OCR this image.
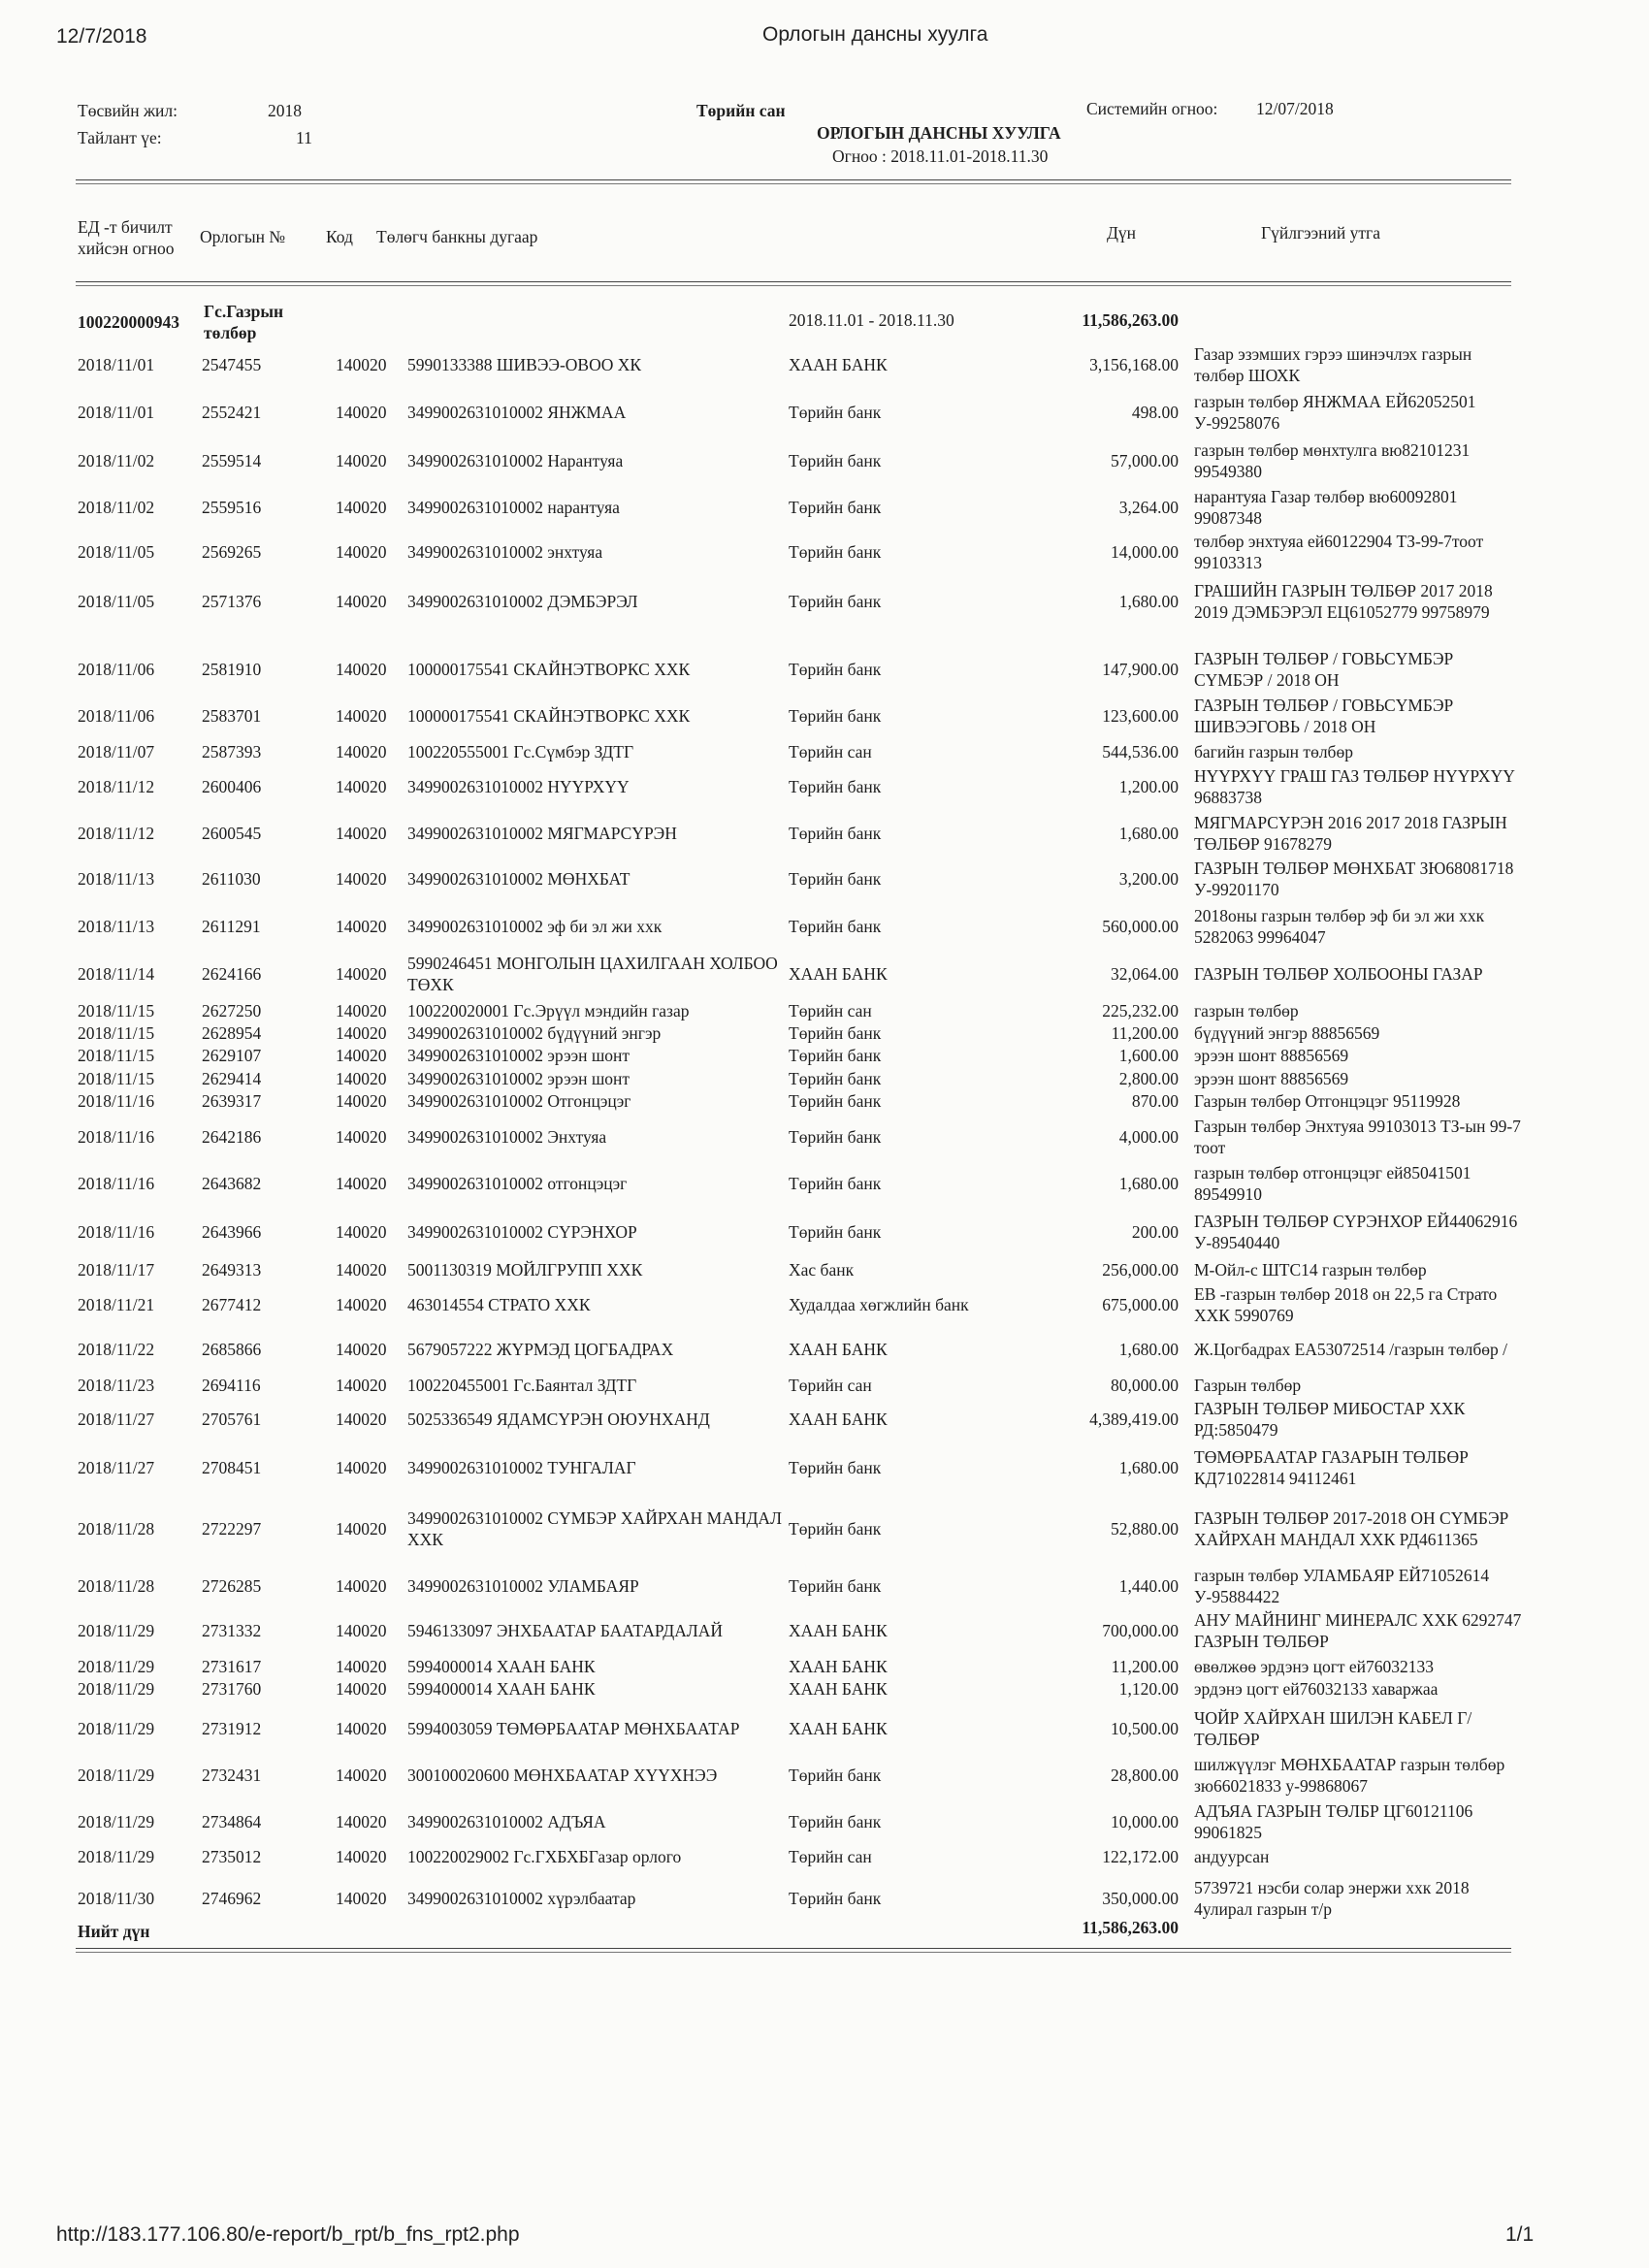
12/7/2018	Орлогын дансны хуулга
http://183.177.106.80/e-report/b_rpt/b_fns_rpt2.php	1/1
Төсвийн жил:	2018
Тайлант үе:	11
Төрийн сан
ОРЛОГЫН ДАНСНЫ ХУУЛГА
Огноо : 2018.11.01-2018.11.30
Системийн огноо: 12/07/2018
ЕД -т бичилт
хийсэн огноо
Орлогын № Код Төлөгч банкны дугаар	Дүн	Гүйлгээний утга
100220000943
Гс.Газрын төлбөр
2018.11.01 - 2018.11.30	11,586,263.00
2018/11/01	2547455	140020 5990133388 ШИВЭЭ-ОВОО ХК	ХААН БАНК	3,156,168.00
Газар эзэмших гэрээ шинэчлэх газрын төлбөр ШОХК
2018/11/01	2552421	140020 3499002631010002 ЯНЖМАА	Төрийн банк	498.00
газрын төлбөр ЯНЖМАА ЕЙ62052501 У-99258076
2018/11/02	2559514	140020 3499002631010002 Нарантуяа	Төрийн банк	57,000.00
газрын төлбөр мөнхтулга вю82101231 99549380
2018/11/02	2559516	140020 3499002631010002 нарантуяа	Төрийн банк	3,264.00
нарантуяа Газар төлбөр вю60092801 99087348
2018/11/05	2569265	140020 3499002631010002 энхтуяа	Төрийн банк	14,000.00
төлбөр энхтуяа ей60122904 ТЗ-99-7тоот 99103313
2018/11/05	2571376	140020 3499002631010002 ДЭМБЭРЭЛ	Төрийн банк	1,680.00
ГРАШИЙН ГАЗРЫН ТӨЛБӨР 2017 2018 2019 ДЭМБЭРЭЛ ЕЦ61052779 99758979
2018/11/06	2581910	140020 100000175541 СКАЙНЭТВОРКС ХХК	Төрийн банк	147,900.00
ГАЗРЫН ТӨЛБӨР / ГОВЬСҮМБЭР СҮМБЭР / 2018 ОН
2018/11/06	2583701	140020 100000175541 СКАЙНЭТВОРКС ХХК	Төрийн банк	123,600.00
ГАЗРЫН ТӨЛБӨР / ГОВЬСҮМБЭР ШИВЭЭГОВЬ / 2018 ОН
2018/11/07	2587393	140020 100220555001 Гс.Сүмбэр ЗДТГ	Төрийн сан	544,536.00 багийн газрын төлбөр
2018/11/12	2600406	140020 3499002631010002 НҮҮРХҮҮ	Төрийн банк	1,200.00
НҮҮРХҮҮ ГРАШ ГАЗ ТӨЛБӨР НҮҮРХҮҮ 96883738
2018/11/12	2600545	140020 3499002631010002 МЯГМАРСҮРЭН	Төрийн банк	1,680.00
МЯГМАРСҮРЭН 2016 2017 2018 ГАЗРЫН ТӨЛБӨР 91678279
2018/11/13	2611030	140020 3499002631010002 МӨНХБАТ	Төрийн банк	3,200.00
ГАЗРЫН ТӨЛБӨР МӨНХБАТ ЗЮ68081718 У-99201170
2018/11/13	2611291	140020 3499002631010002 эф би эл жи ххк	Төрийн банк	560,000.00
2018оны газрын төлбөр эф би эл жи ххк 5282063 99964047
2018/11/14	2624166	140020
5990246451 МОНГОЛЫН ЦАХИЛГААН ХОЛБОО ТӨХК
ХААН БАНК	32,064.00 ГАЗРЫН ТӨЛБӨР ХОЛБООНЫ ГАЗАР
2018/11/15	2627250	140020 100220020001 Гс.Эрүүл мэндийн газар	Төрийн сан	225,232.00 газрын төлбөр
2018/11/15	2628954	140020 3499002631010002 бүдүүний энгэр	Төрийн банк	11,200.00 бүдүүний энгэр 88856569
2018/11/15	2629107	140020 3499002631010002 эрээн шонт	Төрийн банк	1,600.00 эрээн шонт 88856569
2018/11/15	2629414	140020 3499002631010002 эрээн шонт	Төрийн банк	2,800.00 эрээн шонт 88856569
2018/11/16	2639317	140020 3499002631010002 Отгонцэцэг	Төрийн банк	870.00 Газрын төлбөр Отгонцэцэг 95119928
2018/11/16	2642186	140020 3499002631010002 Энхтуяа	Төрийн банк	4,000.00
Газрын төлбөр Энхтуяа 99103013 ТЗ-ын 99-7 тоот
2018/11/16	2643682	140020 3499002631010002 отгонцэцэг	Төрийн банк	1,680.00
газрын төлбөр отгонцэцэг ей85041501 89549910
2018/11/16	2643966	140020 3499002631010002 СҮРЭНХОР	Төрийн банк	200.00
ГАЗРЫН ТӨЛБӨР СҮРЭНХОР ЕЙ44062916 У-89540440
2018/11/17	2649313	140020 5001130319 МОЙЛГРУПП ХХК	Хас банк	256,000.00 М-Ойл-с ШТС14 газрын төлбөр
2018/11/21	2677412	140020 463014554 СТРАТО ХХК	Худалдаа хөгжлийн банк	675,000.00
ЕВ -газрын төлбөр 2018 он 22,5 га Страто ХХК 5990769
2018/11/22	2685866	140020 5679057222 ЖҮРМЭД ЦОГБАДРАХ	ХААН БАНК	1,680.00 Ж.Цогбадрах ЕА53072514 /газрын төлбөр /
2018/11/23	2694116	140020 100220455001 Гс.Баянтал ЗДТГ	Төрийн сан	80,000.00 Газрын төлбөр
2018/11/27	2705761	140020 5025336549 ЯДАМСҮРЭН ОЮУНХАНД	ХААН БАНК	4,389,419.00
ГАЗРЫН ТӨЛБӨР МИБОСТАР ХХК РД:5850479
2018/11/27	2708451	140020 3499002631010002 ТУНГАЛАГ	Төрийн банк	1,680.00
ТӨМӨРБААТАР ГАЗАРЫН ТӨЛБӨР КД71022814 94112461
2018/11/28	2722297	140020
3499002631010002 СҮМБЭР ХАЙРХАН МАНДАЛ ХХК
Төрийн банк	52,880.00
ГАЗРЫН ТӨЛБӨР 2017-2018 ОН СҮМБЭР ХАЙРХАН МАНДАЛ ХХК РД4611365
2018/11/28	2726285	140020 3499002631010002 УЛАМБАЯР	Төрийн банк	1,440.00
газрын төлбөр УЛАМБАЯР ЕЙ71052614 У-95884422
2018/11/29	2731332	140020 5946133097 ЭНХБААТАР БААТАРДАЛАЙ	ХААН БАНК	700,000.00
АНУ МАЙНИНГ МИНЕРАЛС ХХК 6292747 ГАЗРЫН ТӨЛБӨР
2018/11/29	2731617	140020 5994000014 ХААН БАНК	ХААН БАНК	11,200.00 өвөлжөө эрдэнэ цогт ей76032133
2018/11/29	2731760	140020 5994000014 ХААН БАНК	ХААН БАНК	1,120.00 эрдэнэ цогт ей76032133 хаваржаа
2018/11/29	2731912	140020 5994003059 ТӨМӨРБААТАР МӨНХБААТАР	ХААН БАНК	10,500.00
ЧОЙР ХАЙРХАН ШИЛЭН КАБЕЛ Г/ ТӨЛБӨР
2018/11/29	2732431	140020 300100020600 МӨНХБААТАР ХҮҮХНЭЭ	Төрийн банк	28,800.00
шилжүүлэг МӨНХБААТАР газрын төлбөр зю66021833 у-99868067
2018/11/29	2734864	140020 3499002631010002 АДЪЯА	Төрийн банк	10,000.00
АДЪЯА ГАЗРЫН ТӨЛБР ЦГ60121106 99061825
2018/11/29	2735012	140020 100220029002 Гс.ГХБХБГазар орлого	Төрийн сан	122,172.00 андуурсан
2018/11/30	2746962	140020 3499002631010002 хүрэлбаатар	Төрийн банк	350,000.00
5739721 нэсби солар энержи ххк 2018 4улирал газрын т/р
Нийт дүн	11,586,263.00
